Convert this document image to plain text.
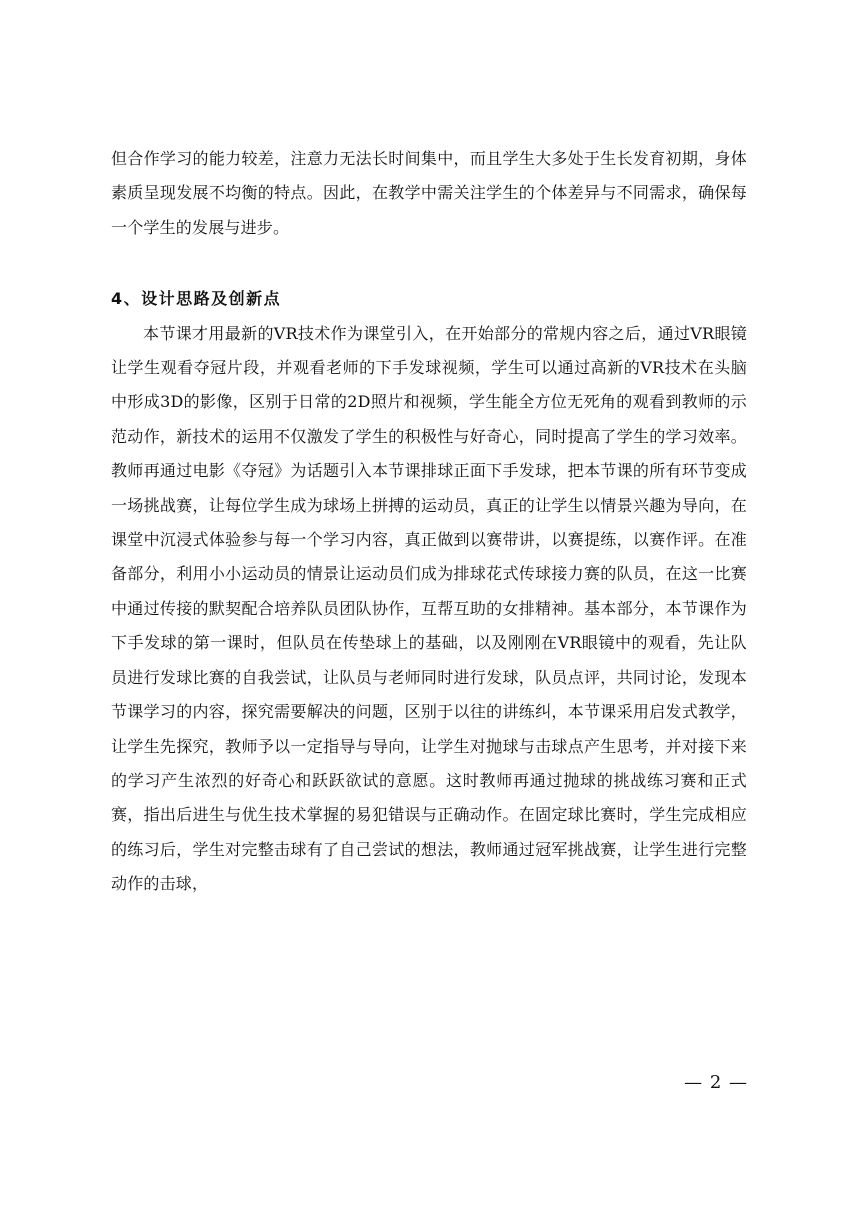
但合作学习的能力较差，注意力无法长时间集中，而且学生大多处于生长发育初期，身体素质呈现发展不均衡的特点。因此，在教学中需关注学生的个体差异与不同需求，确保每一个学生的发展与进步。

4、设计思路及创新点

本节课才用最新的VR技术作为课堂引入，在开始部分的常规内容之后，通过VR眼镜让学生观看夺冠片段，并观看老师的下手发球视频，学生可以通过高新的VR技术在头脑中形成3D的影像，区别于日常的2D照片和视频，学生能全方位无死角的观看到教师的示范动作，新技术的运用不仅激发了学生的积极性与好奇心，同时提高了学生的学习效率。教师再通过电影《夺冠》为话题引入本节课排球正面下手发球，把本节课的所有环节变成一场挑战赛，让每位学生成为球场上拼搏的运动员，真正的让学生以情景兴趣为导向，在课堂中沉浸式体验参与每一个学习内容，真正做到以赛带讲，以赛提练，以赛作评。在准备部分，利用小小运动员的情景让运动员们成为排球花式传球接力赛的队员，在这一比赛中通过传接的默契配合培养队员团队协作，互帮互助的女排精神。基本部分，本节课作为下手发球的第一课时，但队员在传垫球上的基础，以及刚刚在VR眼镜中的观看，先让队员进行发球比赛的自我尝试，让队员与老师同时进行发球，队员点评，共同讨论，发现本节课学习的内容，探究需要解决的问题，区别于以往的讲练纠，本节课采用启发式教学，让学生先探究，教师予以一定指导与导向，让学生对抛球与击球点产生思考，并对接下来的学习产生浓烈的好奇心和跃跃欲试的意愿。这时教师再通过抛球的挑战练习赛和正式赛，指出后进生与优生技术掌握的易犯错误与正确动作。在固定球比赛时，学生完成相应的练习后，学生对完整击球有了自己尝试的想法，教师通过冠军挑战赛，让学生进行完整动作的击球，

— 2 —
